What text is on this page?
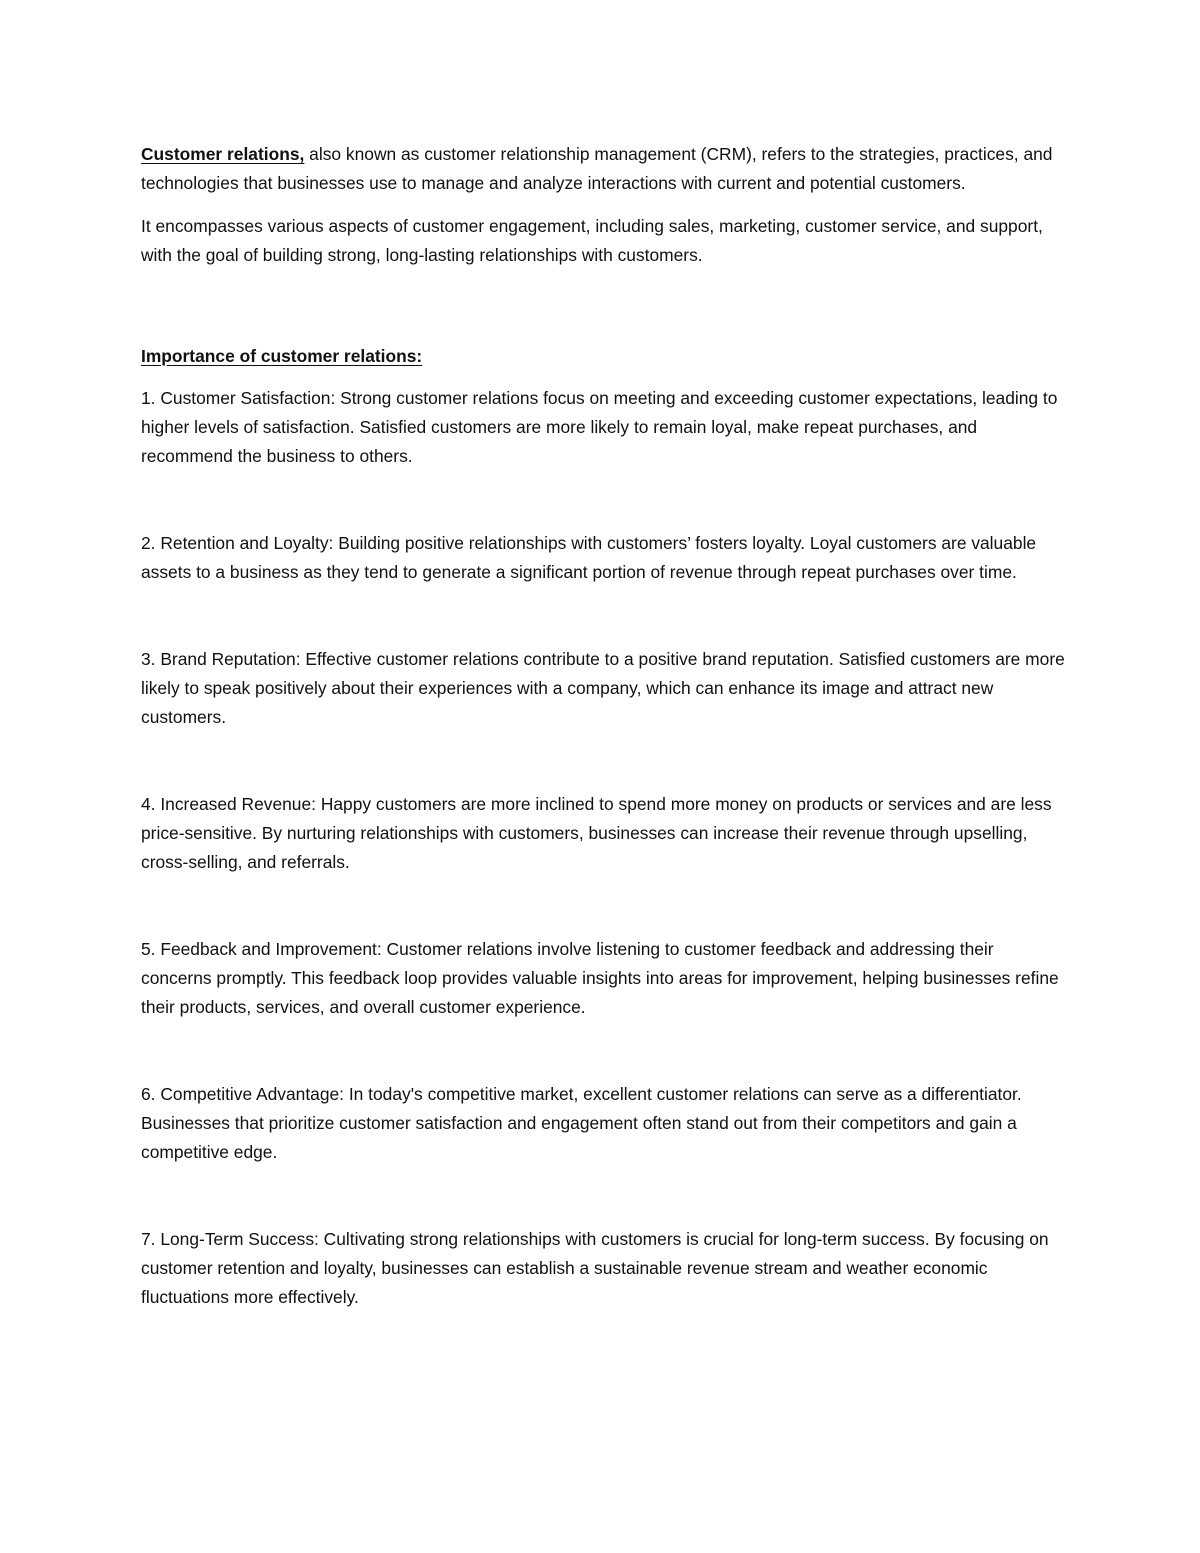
Customer relations, also known as customer relationship management (CRM), refers to the strategies, practices, and technologies that businesses use to manage and analyze interactions with current and potential customers.

It encompasses various aspects of customer engagement, including sales, marketing, customer service, and support, with the goal of building strong, long-lasting relationships with customers.

Importance of customer relations:

1. Customer Satisfaction: Strong customer relations focus on meeting and exceeding customer expectations, leading to higher levels of satisfaction. Satisfied customers are more likely to remain loyal, make repeat purchases, and recommend the business to others.

2. Retention and Loyalty: Building positive relationships with customers’ fosters loyalty. Loyal customers are valuable assets to a business as they tend to generate a significant portion of revenue through repeat purchases over time.

3. Brand Reputation: Effective customer relations contribute to a positive brand reputation. Satisfied customers are more likely to speak positively about their experiences with a company, which can enhance its image and attract new customers.

4. Increased Revenue: Happy customers are more inclined to spend more money on products or services and are less price-sensitive. By nurturing relationships with customers, businesses can increase their revenue through upselling, cross-selling, and referrals.

5. Feedback and Improvement: Customer relations involve listening to customer feedback and addressing their concerns promptly. This feedback loop provides valuable insights into areas for improvement, helping businesses refine their products, services, and overall customer experience.

6. Competitive Advantage: In today's competitive market, excellent customer relations can serve as a differentiator. Businesses that prioritize customer satisfaction and engagement often stand out from their competitors and gain a competitive edge.

7. Long-Term Success: Cultivating strong relationships with customers is crucial for long-term success. By focusing on customer retention and loyalty, businesses can establish a sustainable revenue stream and weather economic fluctuations more effectively.
